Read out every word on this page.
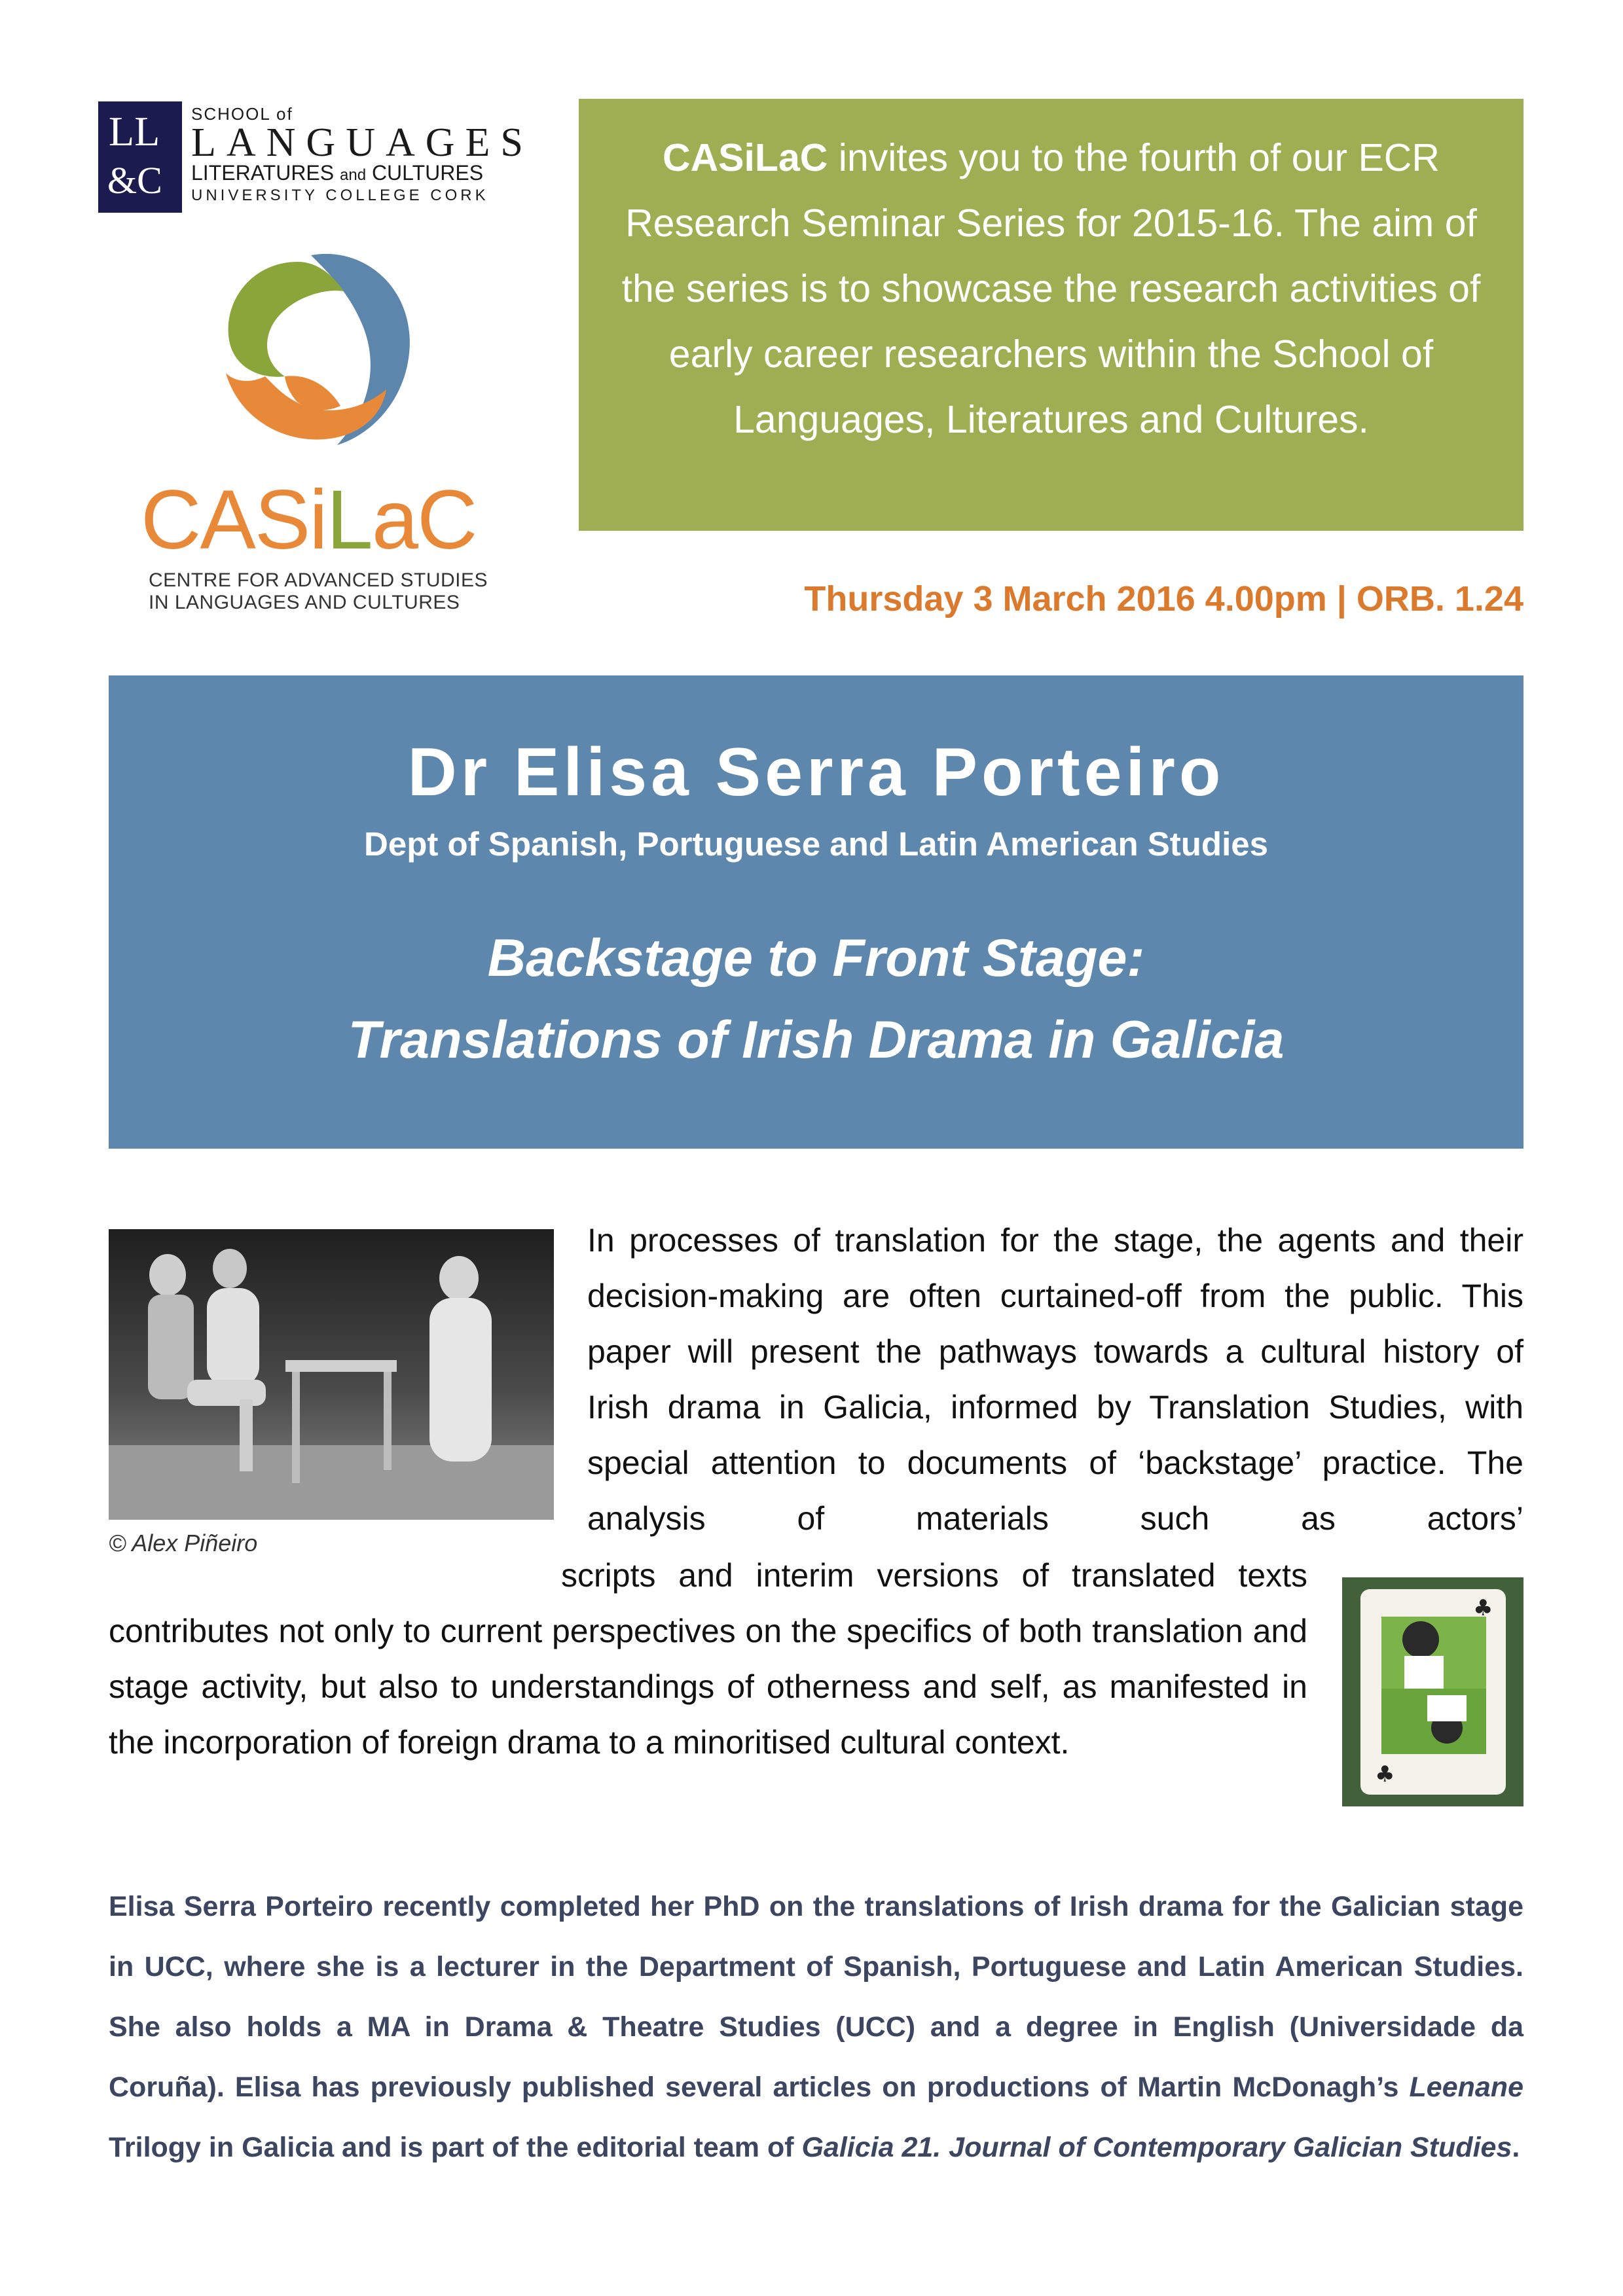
LL
&C
SCHOOL of
LANGUAGES
LITERATURES and CULTURES
UNIVERSITY COLLEGE CORK
CASiLaC
CENTRE FOR ADVANCED STUDIES
IN LANGUAGES AND CULTURES
CASiLaC invites you to the fourth of our ECR Research Seminar Series for 2015-16. The aim of the series is to showcase the research activities of early career researchers within the School of Languages, Literatures and Cultures.
Thursday 3 March 2016 4.00pm | ORB. 1.24
Dr Elisa Serra Porteiro
Dept of Spanish, Portuguese and Latin American Studies
Backstage to Front Stage:
Translations of Irish Drama in Galicia
© Alex Piñeiro
In processes of translation for the stage, the agents and their decision-making are often curtained-off from the public. This paper will present the pathways towards a cultural history of Irish drama in Galicia, informed by Translation Studies, with special attention to documents of ‘backstage’ practice. The analysis of materials such as actors’
scripts and interim versions of translated texts
contributes not only to current perspectives on the specifics of both translation and stage activity, but also to understandings of otherness and self, as manifested in the incorporation of foreign drama to a minoritised cultural context.
♣
♣
Elisa Serra Porteiro recently completed her PhD on the translations of Irish drama for the Galician stage in UCC, where she is a lecturer in the Department of Spanish, Portuguese and Latin American Studies. She also holds a MA in Drama & Theatre Studies (UCC) and a degree in English (Universidade da Coruña). Elisa has previously published several articles on productions of Martin McDonagh’s Leenane Trilogy in Galicia and is part of the editorial team of Galicia 21. Journal of Contemporary Galician Studies.
